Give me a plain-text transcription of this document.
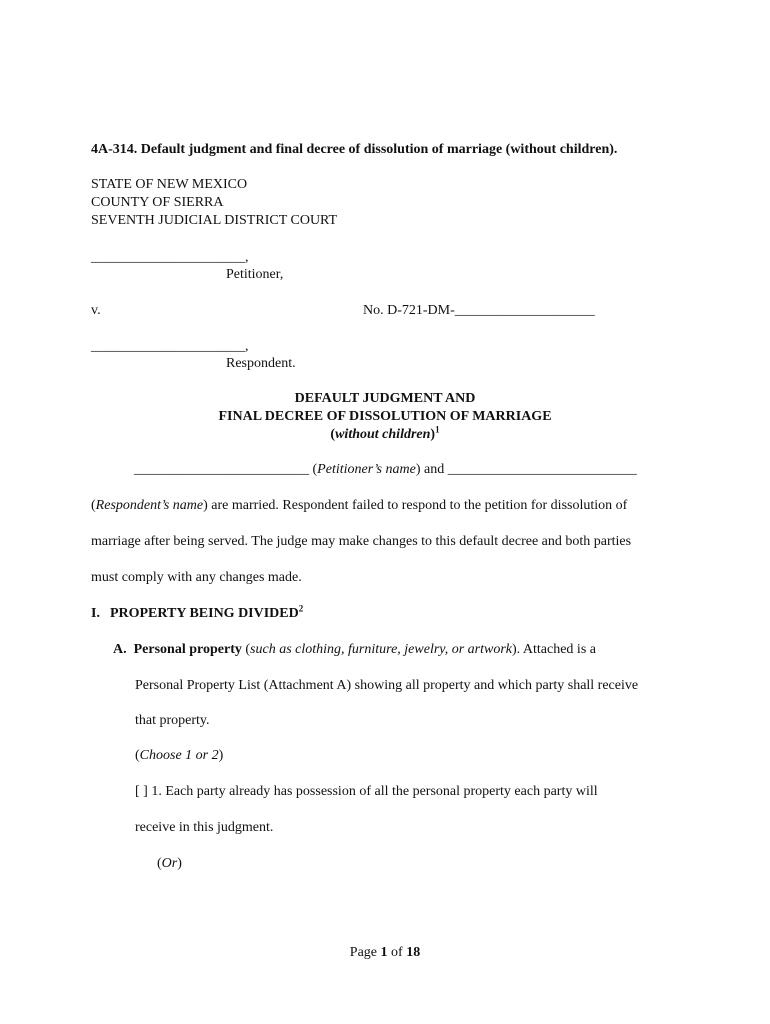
4A-314. Default judgment and final decree of dissolution of marriage (without children).
STATE OF NEW MEXICO
COUNTY OF SIERRA
SEVENTH JUDICIAL DISTRICT COURT
______________________,
Petitioner,
v.	No. D-721-DM-____________________
______________________,
Respondent.
DEFAULT JUDGMENT AND
FINAL DECREE OF DISSOLUTION OF MARRIAGE
(without children)$^1$
_________________________ (Petitioner’s name) and ___________________________
(Respondent’s name) are married. Respondent failed to respond to the petition for dissolution of
marriage after being served. The judge may make changes to this default decree and both parties
must comply with any changes made.
I. PROPERTY BEING DIVIDED$^2$
A. Personal property (such as clothing, furniture, jewelry, or artwork). Attached is a
Personal Property List (Attachment A) showing all property and which party shall receive
that property.
(Choose 1 or 2)
[ ] 1. Each party already has possession of all the personal property each party will
receive in this judgment.
(Or)
Page 1 of 18
